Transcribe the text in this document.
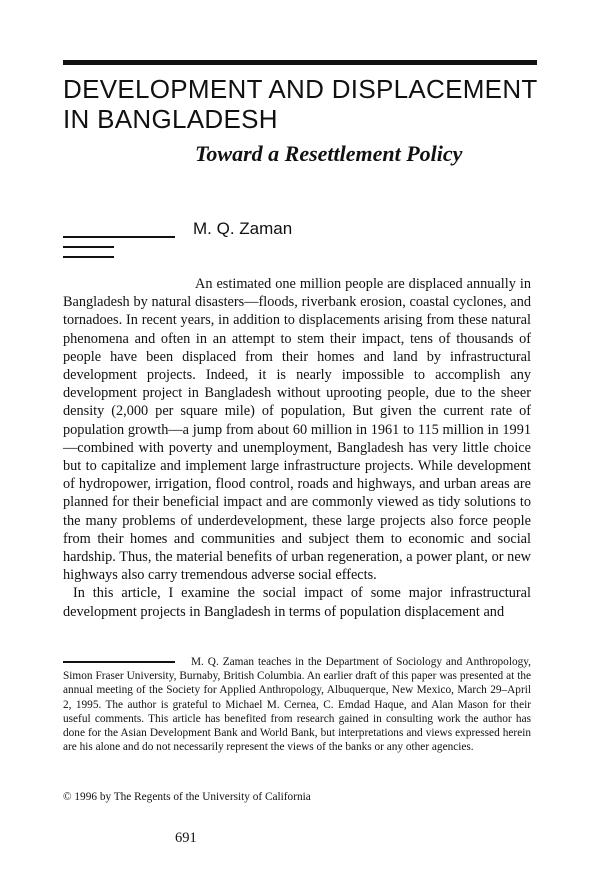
DEVELOPMENT AND DISPLACEMENT IN BANGLADESH
Toward a Resettlement Policy
M. Q. Zaman

An estimated one million people are displaced annually in Bangladesh by natural disasters—floods, riverbank erosion, coastal cyclones, and tornadoes. In recent years, in addition to displacements arising from these natural phenomena and often in an attempt to stem their impact, tens of thousands of people have been displaced from their homes and land by infrastructural development projects. Indeed, it is nearly impossible to accomplish any development project in Bangladesh without uprooting people, due to the sheer density (2,000 per square mile) of population, But given the current rate of population growth—a jump from about 60 million in 1961 to 115 million in 1991—combined with poverty and unemployment, Bangladesh has very little choice but to capitalize and implement large infrastructure projects. While development of hydropower, irrigation, flood control, roads and highways, and urban areas are planned for their beneficial impact and are commonly viewed as tidy solutions to the many problems of underdevelopment, these large projects also force people from their homes and communities and subject them to economic and social hardship. Thus, the material benefits of urban regeneration, a power plant, or new highways also carry tremendous adverse social effects.

In this article, I examine the social impact of some major infrastructural development projects in Bangladesh in terms of population displacement and

M. Q. Zaman teaches in the Department of Sociology and Anthropology, Simon Fraser University, Burnaby, British Columbia. An earlier draft of this paper was presented at the annual meeting of the Society for Applied Anthropology, Albuquerque, New Mexico, March 29–April 2, 1995. The author is grateful to Michael M. Cernea, C. Emdad Haque, and Alan Mason for their useful comments. This article has benefited from research gained in consulting work the author has done for the Asian Development Bank and World Bank, but interpretations and views expressed herein are his alone and do not necessarily represent the views of the banks or any other agencies.

© 1996 by The Regents of the University of California
691
